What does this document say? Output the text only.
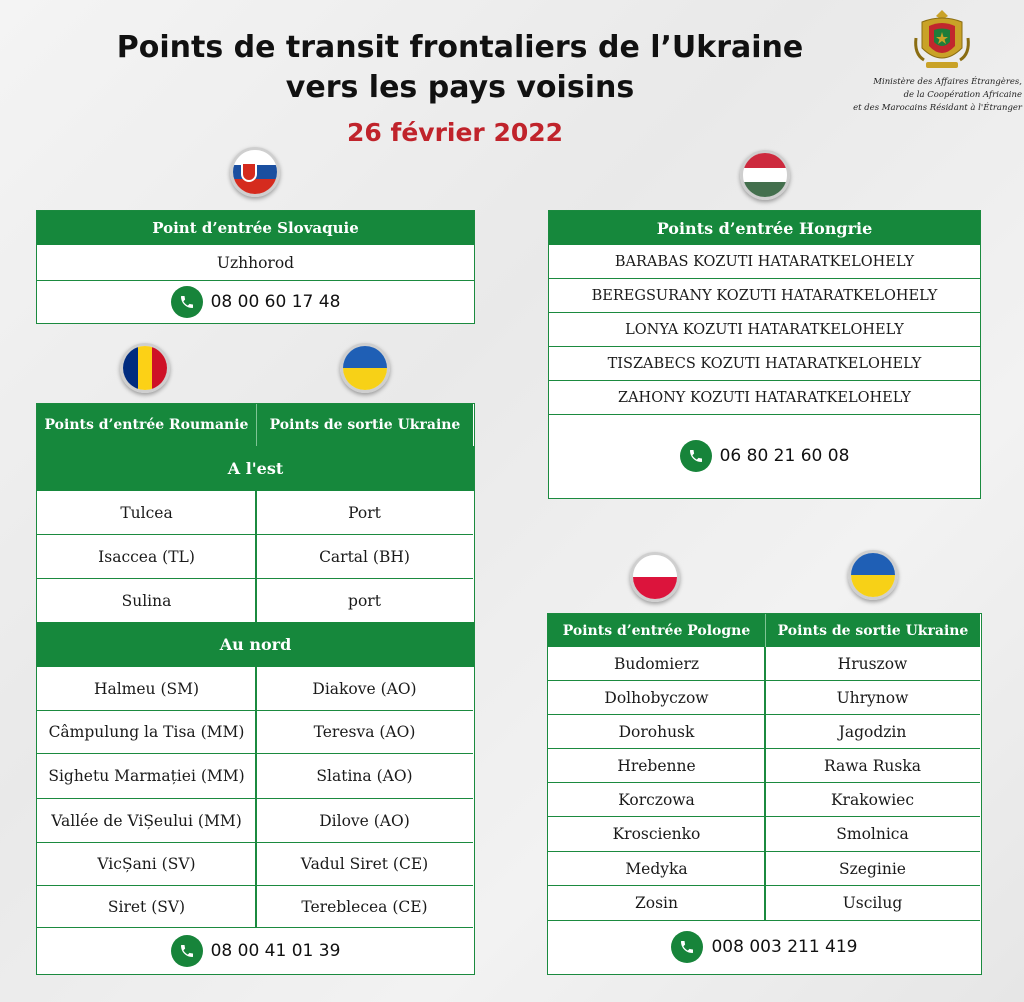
Points de transit frontaliers de l’Ukraine
vers les pays voisins
26 février 2022
Ministère des Affaires Étrangères,
de la Coopération Africaine
et des Marocains Résidant à l'Étranger
Point d’entrée Slovaquie
Uzhhorod
08 00 60 17 48
Points d’entrée Hongrie
BARABAS KOZUTI HATARATKELOHELY
BEREGSURANY KOZUTI HATARATKELOHELY
LONYA KOZUTI HATARATKELOHELY
TISZABECS KOZUTI HATARATKELOHELY
ZAHONY KOZUTI HATARATKELOHELY
06 80 21 60 08
Points d’entrée Roumanie	Points de sortie Ukraine
A l'est
Tulcea	Port
Isaccea (TL)	Cartal (BH)
Sulina	port
Au nord
Halmeu (SM)	Diakove (AO)
Câmpulung la Tisa (MM)	Teresva (AO)
Sighetu Marmației (MM)	Slatina (AO)
Vallée de ViȘeului (MM)	Dilove (AO)
VicȘani (SV)	Vadul Siret (CE)
Siret (SV)	Tereblecea (CE)
08 00 41 01 39
Points d’entrée Pologne	Points de sortie Ukraine
Budomierz	Hruszow
Dolhobyczow	Uhrynow
Dorohusk	Jagodzin
Hrebenne	Rawa Ruska
Korczowa	Krakowiec
Kroscienko	Smolnica
Medyka	Szeginie
Zosin	Uscilug
008 003 211 419
